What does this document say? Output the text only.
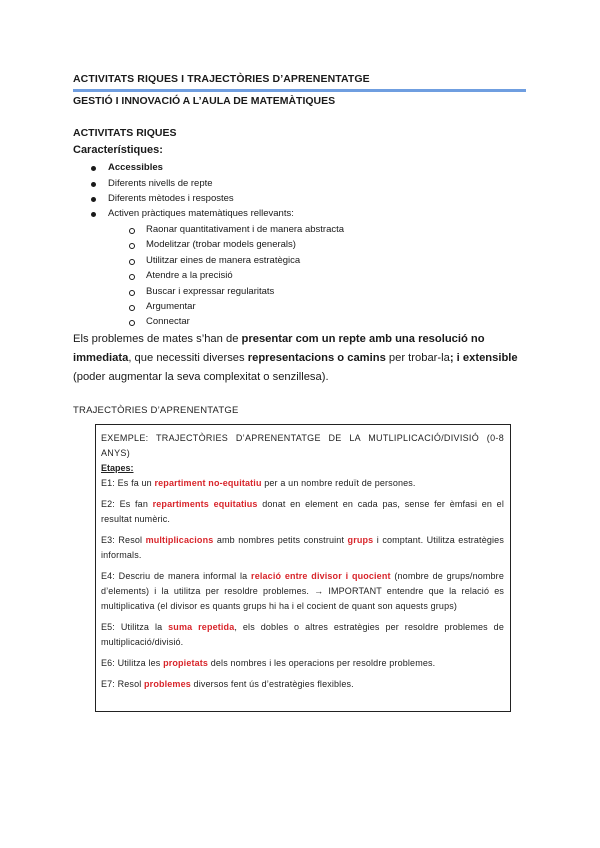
ACTIVITATS RIQUES I TRAJECTÒRIES D’APRENENTATGE
GESTIÓ I INNOVACIÓ A L’AULA DE MATEMÀTIQUES
ACTIVITATS RIQUES
Característiques:
Accessibles
Diferents nivells de repte
Diferents mètodes i respostes
Activen pràctiques matemàtiques rellevants:
Raonar quantitativament i de manera abstracta
Modelitzar (trobar models generals)
Utilitzar eines de manera estratègica
Atendre a la precisió
Buscar i expressar regularitats
Argumentar
Connectar
Els problemes de mates s’han de presentar com un repte amb una resolució no immediata, que necessiti diverses representacions o camins per trobar-la; i extensible (poder augmentar la seva complexitat o senzillesa).
TRAJECTÒRIES D’APRENENTATGE
EXEMPLE: TRAJECTÒRIES D’APRENENTATGE DE LA MUTLIPLICACIÓ/DIVISIÓ (0-8 ANYS)
Etapes:
E1: Es fa un repartiment no-equitatiu per a un nombre reduït de persones.
E2: Es fan repartiments equitatius donat en element en cada pas, sense fer èmfasi en el resultat numèric.
E3: Resol multiplicacions amb nombres petits construint grups i comptant. Utilitza estratègies informals.
E4: Descriu de manera informal la relació entre divisor i quocient (nombre de grups/nombre d’elements) i la utilitza per resoldre problemes. → IMPORTANT entendre que la relació es multiplicativa (el divisor es quants grups hi ha i el cocient de quant son aquests grups)
E5: Utilitza la suma repetida, els dobles o altres estratègies per resoldre problemes de multiplicació/divisió.
E6: Utilitza les propietats dels nombres i les operacions per resoldre problemes.
E7: Resol problemes diversos fent ús d’estratègies flexibles.
